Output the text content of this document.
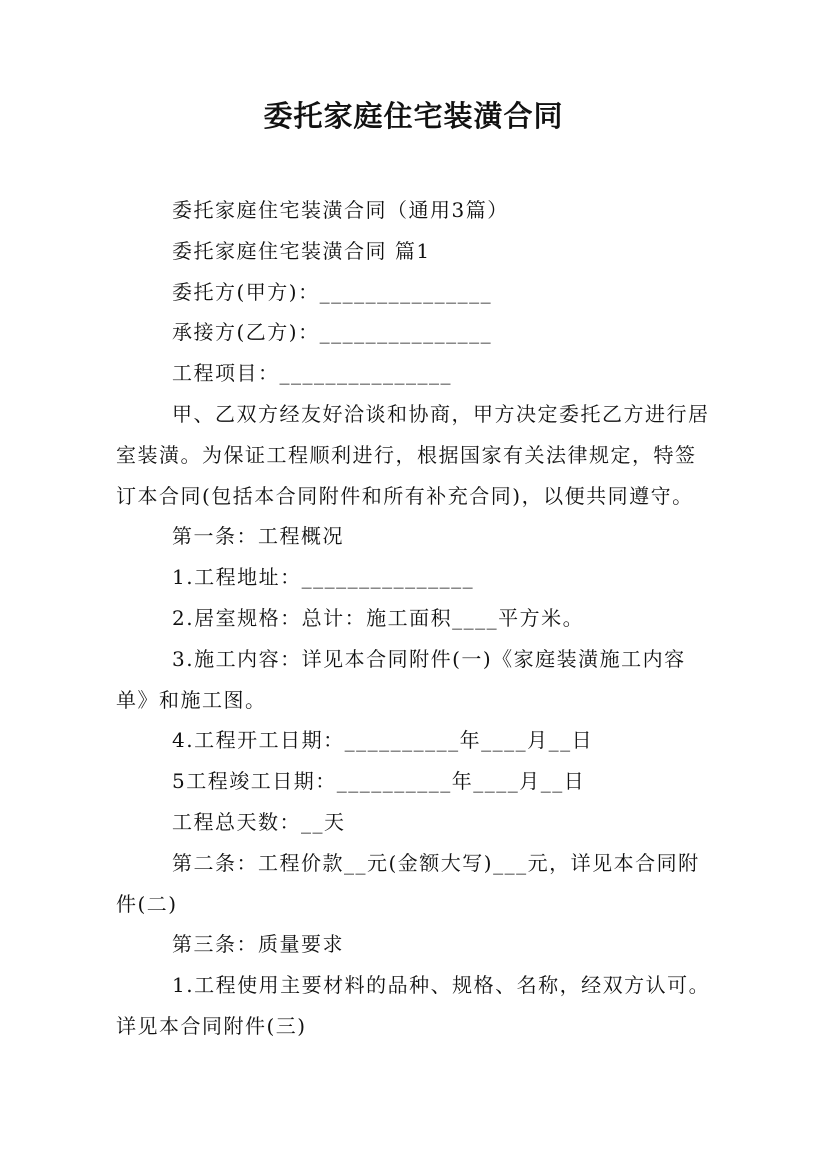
委托家庭住宅装潢合同

委托家庭住宅装潢合同（通用3篇）

委托家庭住宅装潢合同 篇1

委托方(甲方)：_______________

承接方(乙方)：_______________

工程项目：_______________

甲、乙双方经友好洽谈和协商，甲方决定委托乙方进行居室装潢。为保证工程顺利进行，根据国家有关法律规定，特签订本合同(包括本合同附件和所有补充合同)，以便共同遵守。

第一条：工程概况

1.工程地址：_______________

2.居室规格：总计：施工面积____平方米。

3.施工内容：详见本合同附件(一)《家庭装潢施工内容单》和施工图。

4.工程开工日期：__________年____月__日

5工程竣工日期：__________年____月__日

工程总天数：__天

第二条：工程价款__元(金额大写)___元，详见本合同附件(二)

第三条：质量要求

1.工程使用主要材料的品种、规格、名称，经双方认可。详见本合同附件(三)
